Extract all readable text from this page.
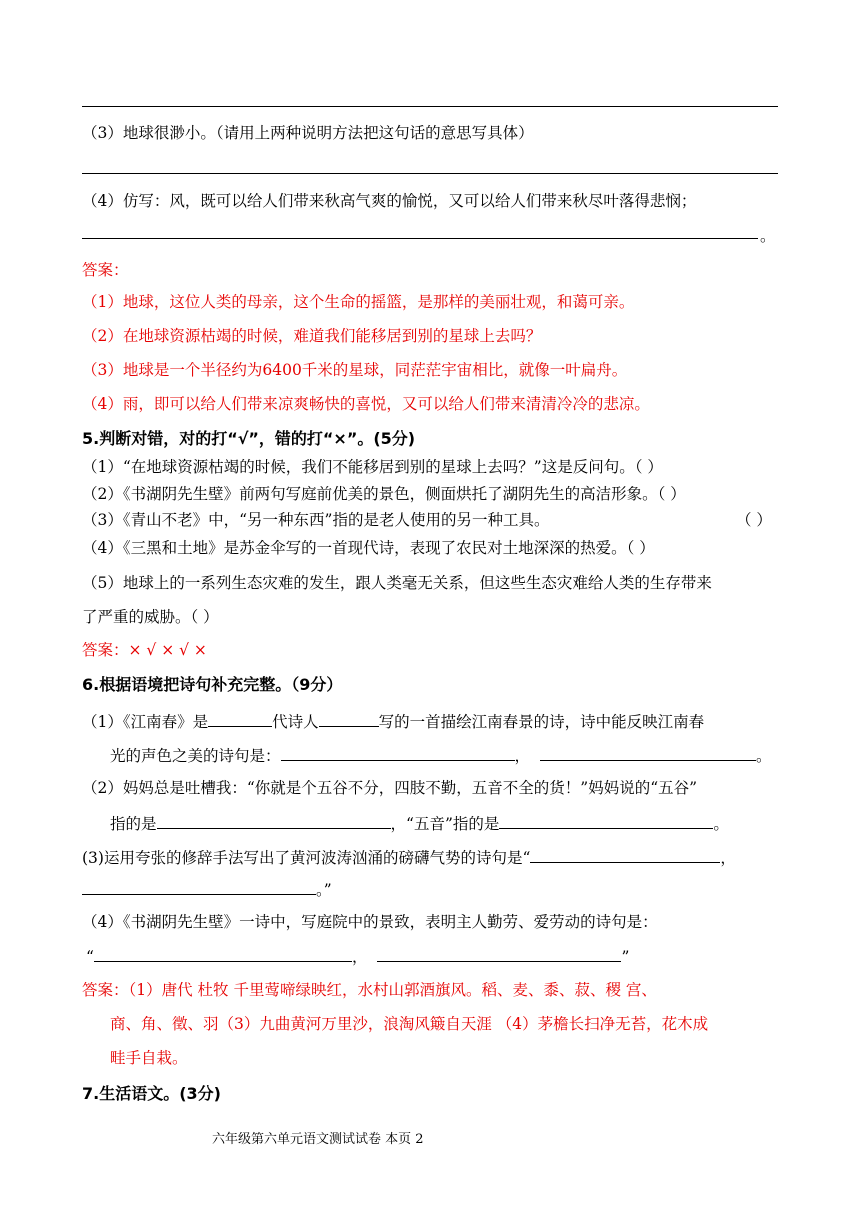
（3）地球很渺小。（请用上两种说明方法把这句话的意思写具体）
（4）仿写：风，既可以给人们带来秋高气爽的愉悦，又可以给人们带来秋尽叶落得悲悯；
。
答案：
（1）地球，这位人类的母亲，这个生命的摇篮，是那样的美丽壮观，和蔼可亲。
（2）在地球资源枯竭的时候，难道我们能移居到别的星球上去吗？
（3）地球是一个半径约为6400千米的星球，同茫茫宇宙相比，就像一叶扁舟。
（4）雨，即可以给人们带来凉爽畅快的喜悦，又可以给人们带来清清冷冷的悲凉。
5.判断对错，对的打“√”，错的打“×”。(5分)
（1）“在地球资源枯竭的时候，我们不能移居到别的星球上去吗？”这是反问句。（ ）
（2）《书湖阴先生壁》前两句写庭前优美的景色，侧面烘托了湖阴先生的高洁形象。（ ）
（3）《青山不老》中，“另一种东西”指的是老人使用的另一种工具。	（ ）
（4）《三黑和土地》是苏金伞写的一首现代诗，表现了农民对土地深深的热爱。（ ）
（5）地球上的一系列生态灾难的发生，跟人类毫无关系，但这些生态灾难给人类的生存带来
了严重的威胁。（ ）
答案：× √ × √ ×
6.根据语境把诗句补充完整。（9分）
（1）《江南春》是	代诗人	写的一首描绘江南春景的诗，诗中能反映江南春
光的声色之美的诗句是：	，	。
（2）妈妈总是吐槽我：“你就是个五谷不分，四肢不勤，五音不全的货！”妈妈说的“五谷”
指的是	，“五音”指的是	。
(3)运用夸张的修辞手法写出了黄河波涛汹涌的磅礴气势的诗句是“	，
。”
（4）《书湖阴先生壁》一诗中，写庭院中的景致，表明主人勤劳、爱劳动的诗句是：
“	，	”
答案：（1）唐代 杜牧 千里莺啼绿映红，水村山郭酒旗风。稻、麦、黍、菽、稷 宫、
商、角、徵、羽（3）九曲黄河万里沙，浪淘风簸自天涯 （4）茅檐长扫净无苔，花木成
畦手自栽。
7.生活语文。(3分)
六年级第六单元语文测试试卷 本页 2
